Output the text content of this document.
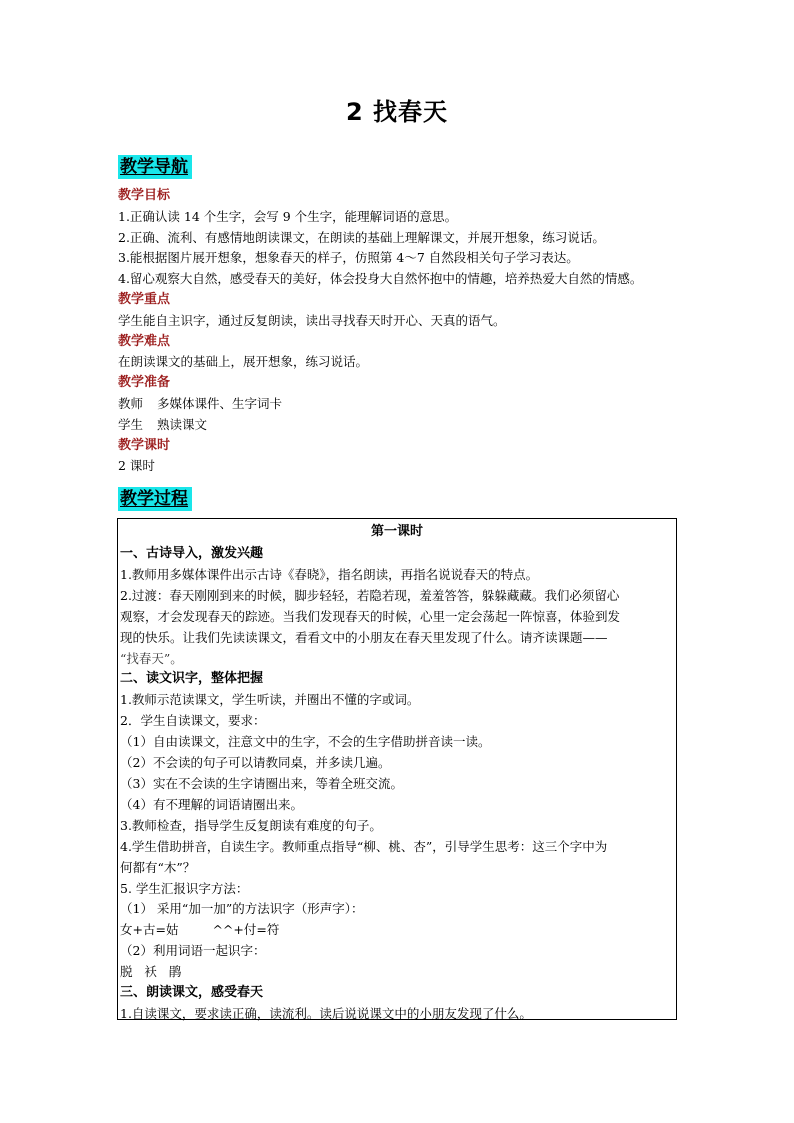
2 找春天
教学导航
教学目标
1.正确认读 14 个生字，会写 9 个生字，能理解词语的意思。
2.正确、流利、有感情地朗读课文，在朗读的基础上理解课文，并展开想象，练习说话。
3.能根据图片展开想象，想象春天的样子，仿照第 4～7 自然段相关句子学习表达。
4.留心观察大自然，感受春天的美好，体会投身大自然怀抱中的情趣，培养热爱大自然的情感。
教学重点
学生能自主识字，通过反复朗读，读出寻找春天时开心、天真的语气。
教学难点
在朗读课文的基础上，展开想象，练习说话。
教学准备
教师 多媒体课件、生字词卡
学生 熟读课文
教学课时
2 课时
教学过程
第一课时
一、古诗导入，激发兴趣
1.教师用多媒体课件出示古诗《春晓》，指名朗读，再指名说说春天的特点。
2.过渡：春天刚刚到来的时候，脚步轻轻，若隐若现，羞羞答答，躲躲藏藏。我们必须留心
观察，才会发现春天的踪迹。当我们发现春天的时候，心里一定会荡起一阵惊喜，体验到发
现的快乐。让我们先读读课文，看看文中的小朋友在春天里发现了什么。请齐读课题——
“找春天”。
二、读文识字，整体把握
1.教师示范读课文，学生听读，并圈出不懂的字或词。
2．学生自读课文，要求：
（1）自由读课文，注意文中的生字，不会的生字借助拼音读一读。
（2）不会读的句子可以请教同桌，并多读几遍。
（3）实在不会读的生字请圈出来，等着全班交流。
（4）有不理解的词语请圈出来。
3.教师检查，指导学生反复朗读有难度的句子。
4.学生借助拼音，自读生字。教师重点指导“柳、桃、杏”，引导学生思考：这三个字中为
何都有“木”？
5. 学生汇报识字方法：
（1） 采用“加一加”的方法识字（形声字）：
女+古=姑	^^+付=符
（2）利用词语一起识字：
脱   袄   鹃
三、朗读课文，感受春天
1.自读课文，要求读正确，读流利。读后说说课文中的小朋友发现了什么。
